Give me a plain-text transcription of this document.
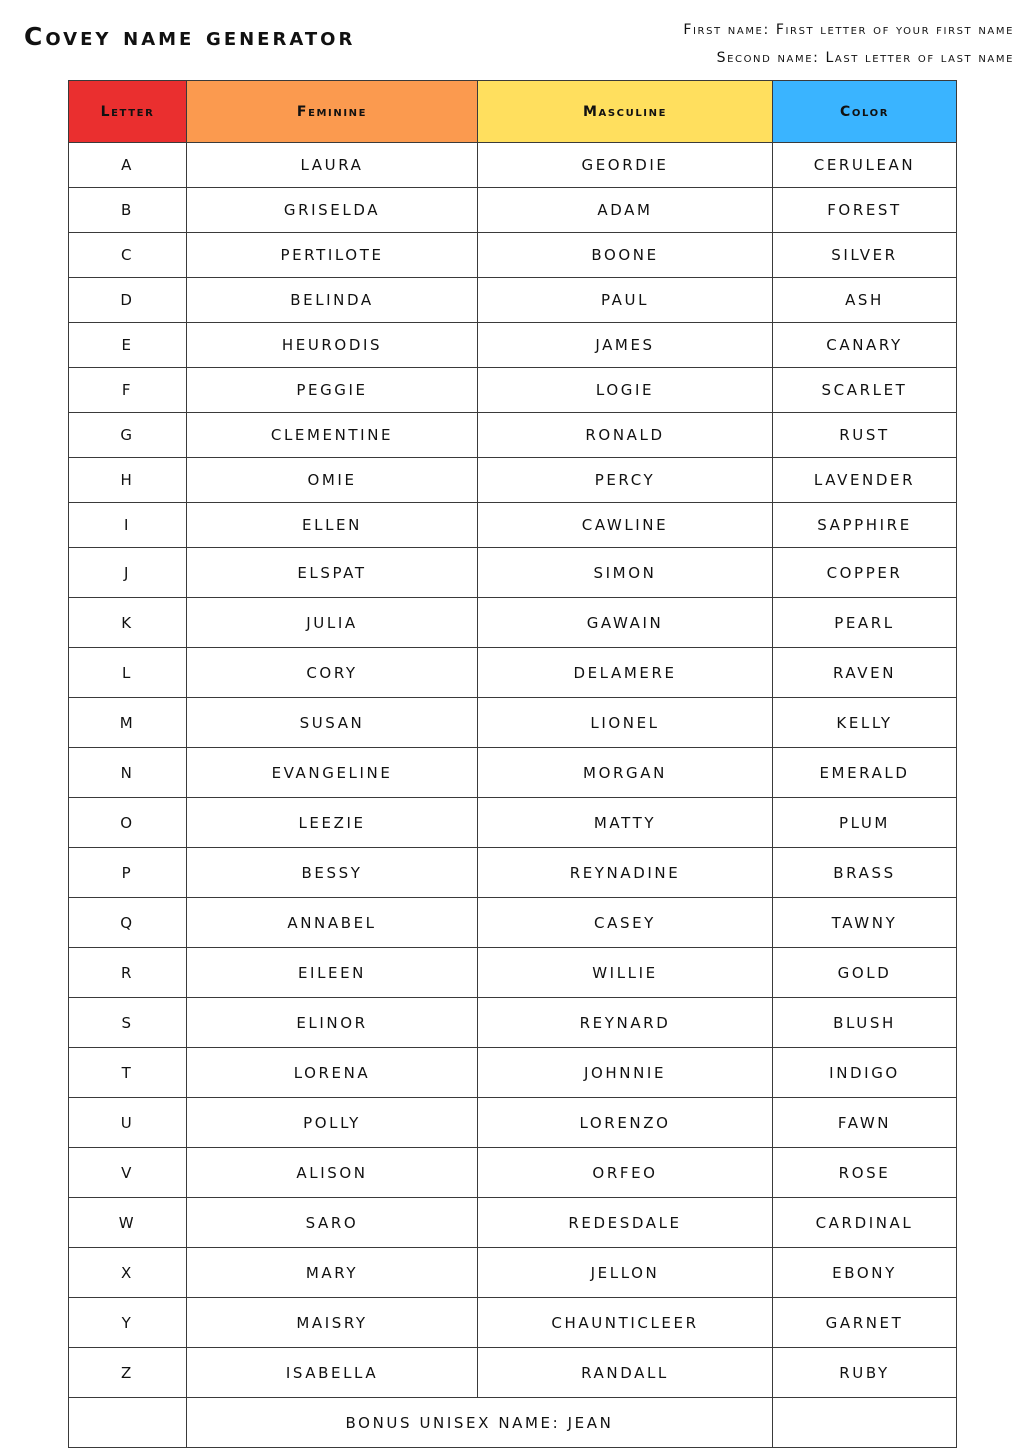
Covey name generator	First name: First letter of your first name
Second name: Last letter of last name
Letter	Feminine	Masculine	Color
A	LAURA	GEORDIE	CERULEAN
B	GRISELDA	ADAM	FOREST
C	PERTILOTE	BOONE	SILVER
D	BELINDA	PAUL	ASH
E	HEURODIS	JAMES	CANARY
F	PEGGIE	LOGIE	SCARLET
G	CLEMENTINE	RONALD	RUST
H	OMIE	PERCY	LAVENDER
I	ELLEN	CAWLINE	SAPPHIRE
J	ELSPAT	SIMON	COPPER
K	JULIA	GAWAIN	PEARL
L	CORY	DELAMERE	RAVEN
M	SUSAN	LIONEL	KELLY
N	EVANGELINE	MORGAN	EMERALD
O	LEEZIE	MATTY	PLUM
P	BESSY	REYNADINE	BRASS
Q	ANNABEL	CASEY	TAWNY
R	EILEEN	WILLIE	GOLD
S	ELINOR	REYNARD	BLUSH
T	LORENA	JOHNNIE	INDIGO
U	POLLY	LORENZO	FAWN
V	ALISON	ORFEO	ROSE
W	SARO	REDESDALE	CARDINAL
X	MARY	JELLON	EBONY
Y	MAISRY	CHAUNTICLEER	GARNET
Z	ISABELLA	RANDALL	RUBY
	BONUS UNISEX NAME: JEAN		
